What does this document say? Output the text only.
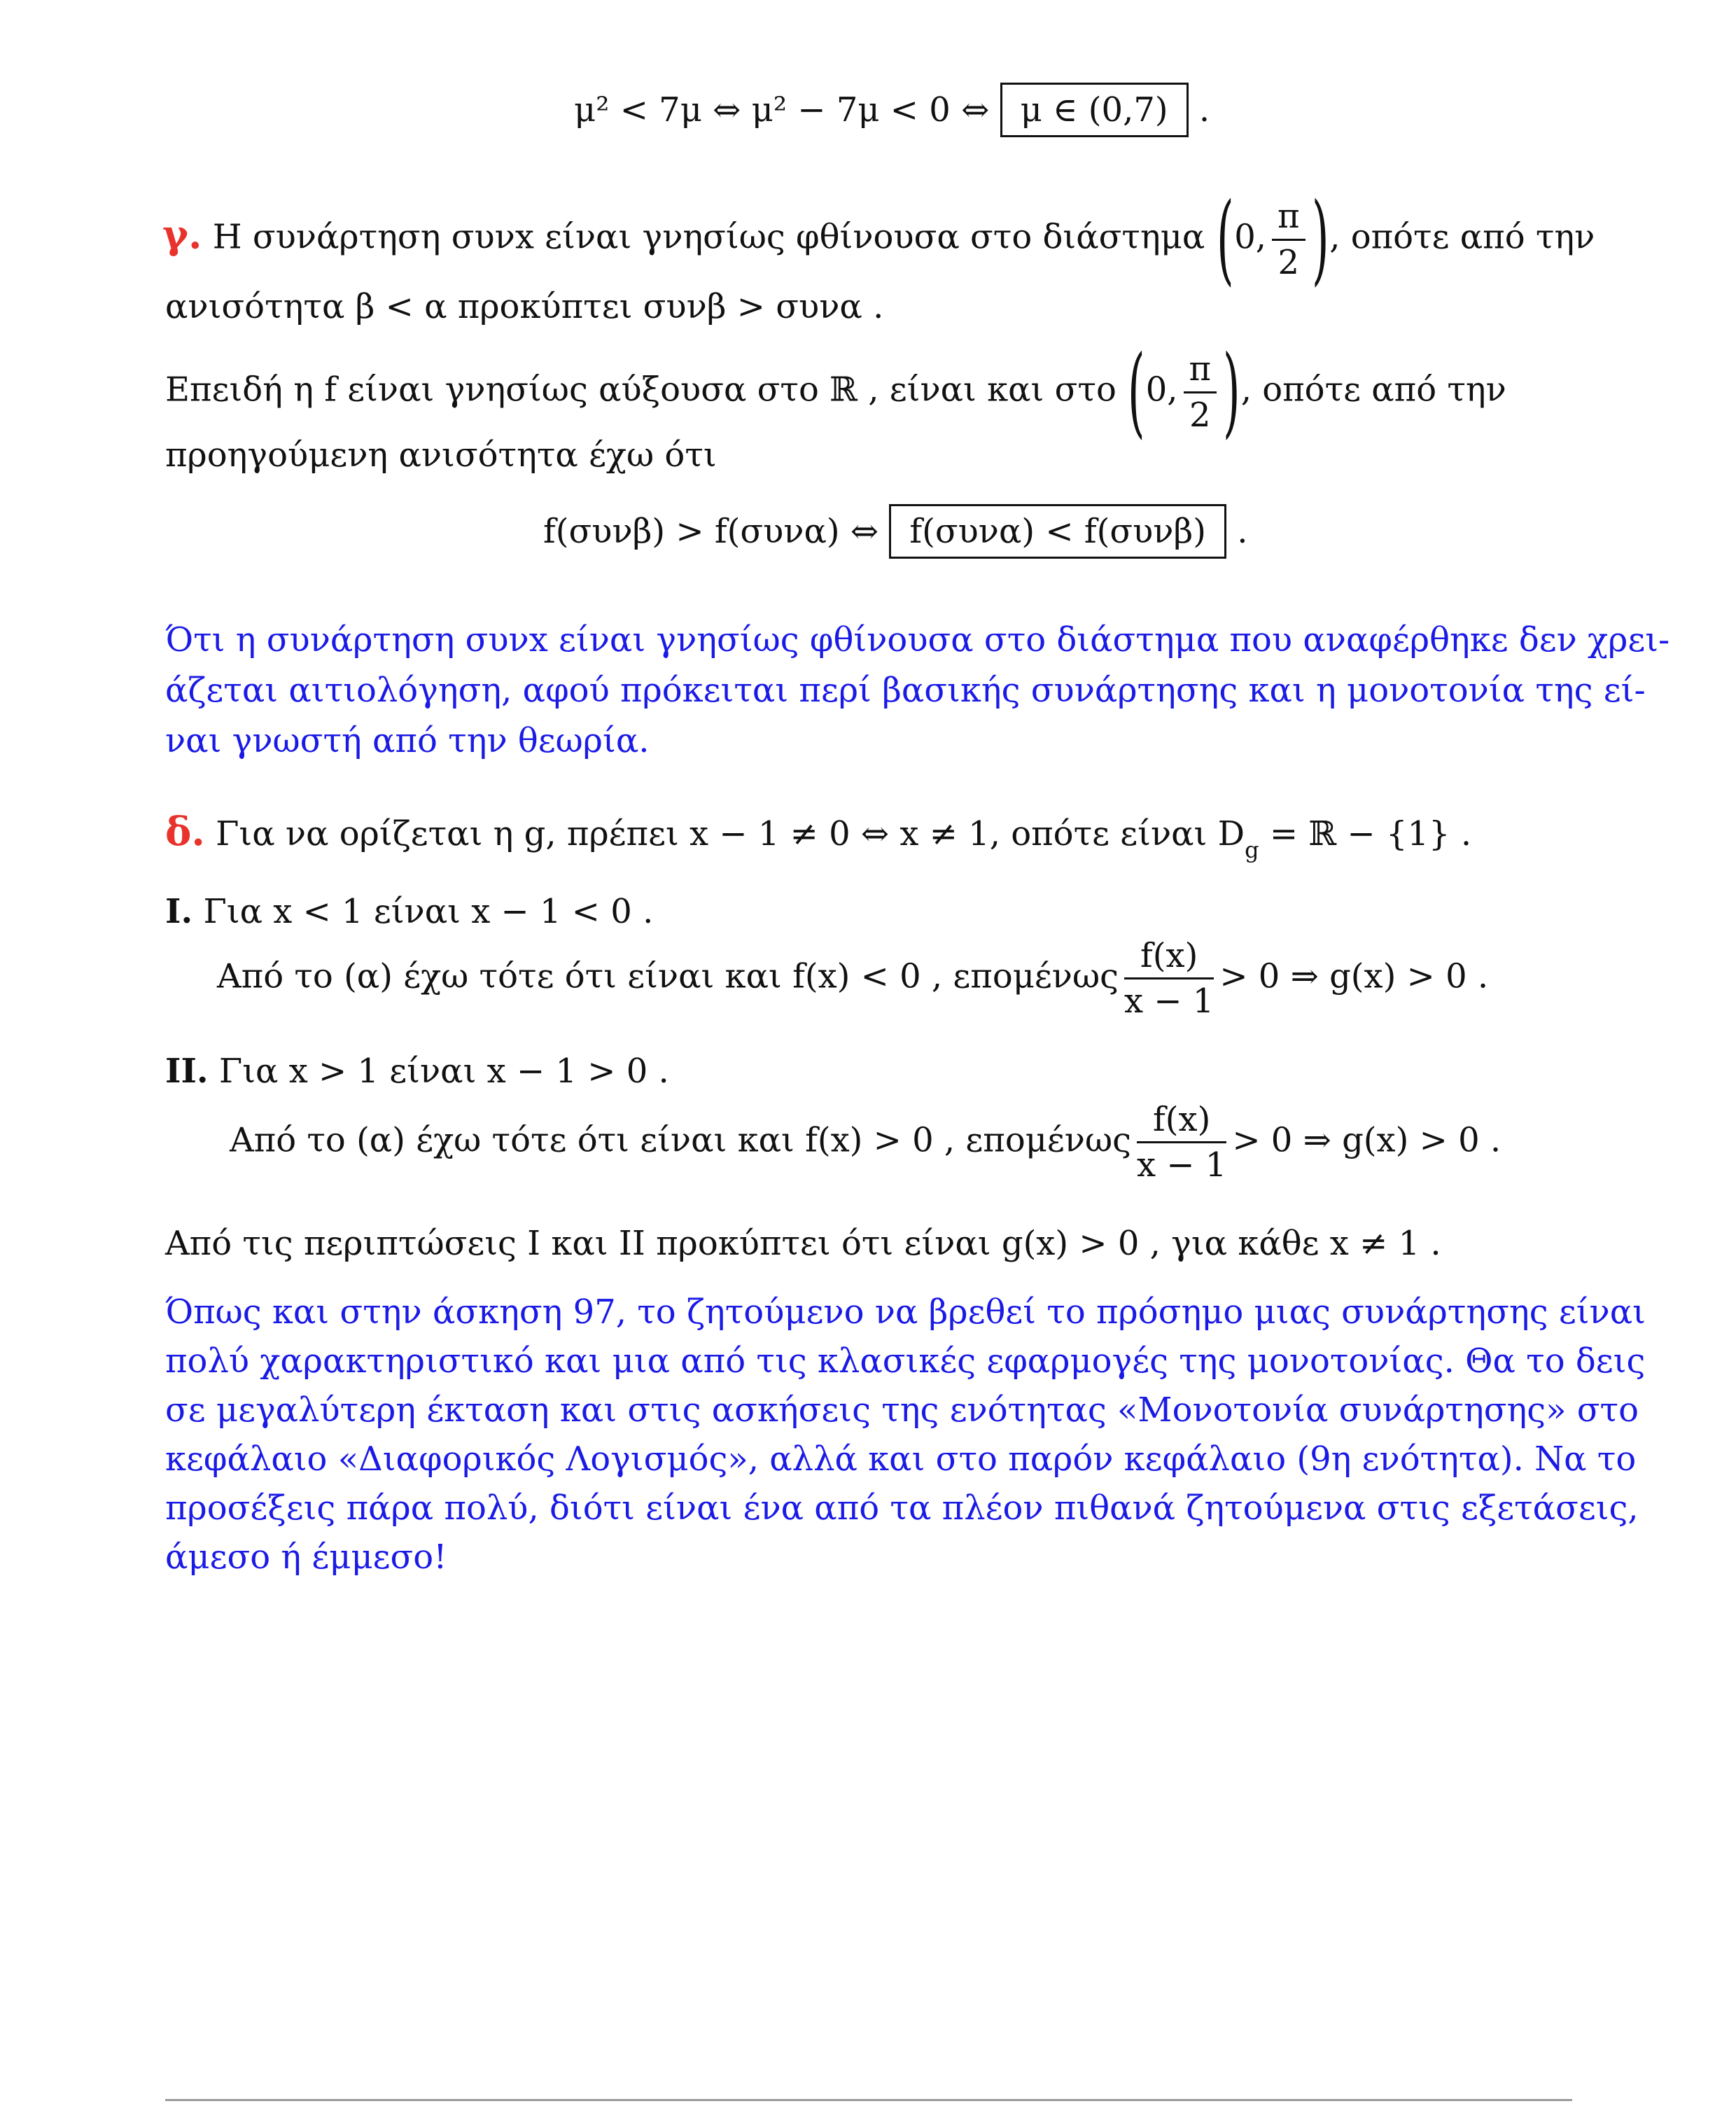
μ² < 7μ ⇔ μ² − 7μ < 0 ⇔ μ ∈ (0,7) .
γ. Η συνάρτηση συνx είναι γνησίως φθίνουσα στο διάστημα (0, $\frac{\pi}{2}$ ), οπότε από την
ανισότητα β < α προκύπτει συνβ > συνα .
Επειδή η f είναι γνησίως αύξουσα στο ℝ , είναι και στο (0, $\frac{\pi}{2}$ ), οπότε από την
προηγούμενη ανισότητα έχω ότι
f(συνβ) > f(συνα) ⇔ f(συνα) < f(συνβ) .
Ότι η συνάρτηση συνx είναι γνησίως φθίνουσα στο διάστημα που αναφέρθηκε δεν χρει-
άζεται αιτιολόγηση, αφού πρόκειται περί βασικής συνάρτησης και η μονοτονία της εί-
ναι γνωστή από την θεωρία.
δ. Για να ορίζεται η g, πρέπει x − 1 ≠ 0 ⇔ x ≠ 1, οπότε είναι $D_g$ = ℝ − {1} .
I. Για x < 1 είναι x − 1 < 0 .
Από το (α) έχω τότε ότι είναι και f(x) < 0 , επομένως $\frac{f(x)}{x - 1} > 0$ ⇒ g(x) > 0 .
II. Για x > 1 είναι x − 1 > 0 .
Από το (α) έχω τότε ότι είναι και f(x) > 0 , επομένως $\frac{f(x)}{x - 1} > 0$ ⇒ g(x) > 0 .
Από τις περιπτώσεις I και II προκύπτει ότι είναι g(x) > 0 , για κάθε x ≠ 1 .
Όπως και στην άσκηση 97, το ζητούμενο να βρεθεί το πρόσημο μιας συνάρτησης είναι
πολύ χαρακτηριστικό και μια από τις κλασικές εφαρμογές της μονοτονίας. Θα το δεις
σε μεγαλύτερη έκταση και στις ασκήσεις της ενότητας «Μονοτονία συνάρτησης» στο
κεφάλαιο «Διαφορικός Λογισμός», αλλά και στο παρόν κεφάλαιο (9η ενότητα). Να το
προσέξεις πάρα πολύ, διότι είναι ένα από τα πλέον πιθανά ζητούμενα στις εξετάσεις,
άμεσο ή έμμεσο!
